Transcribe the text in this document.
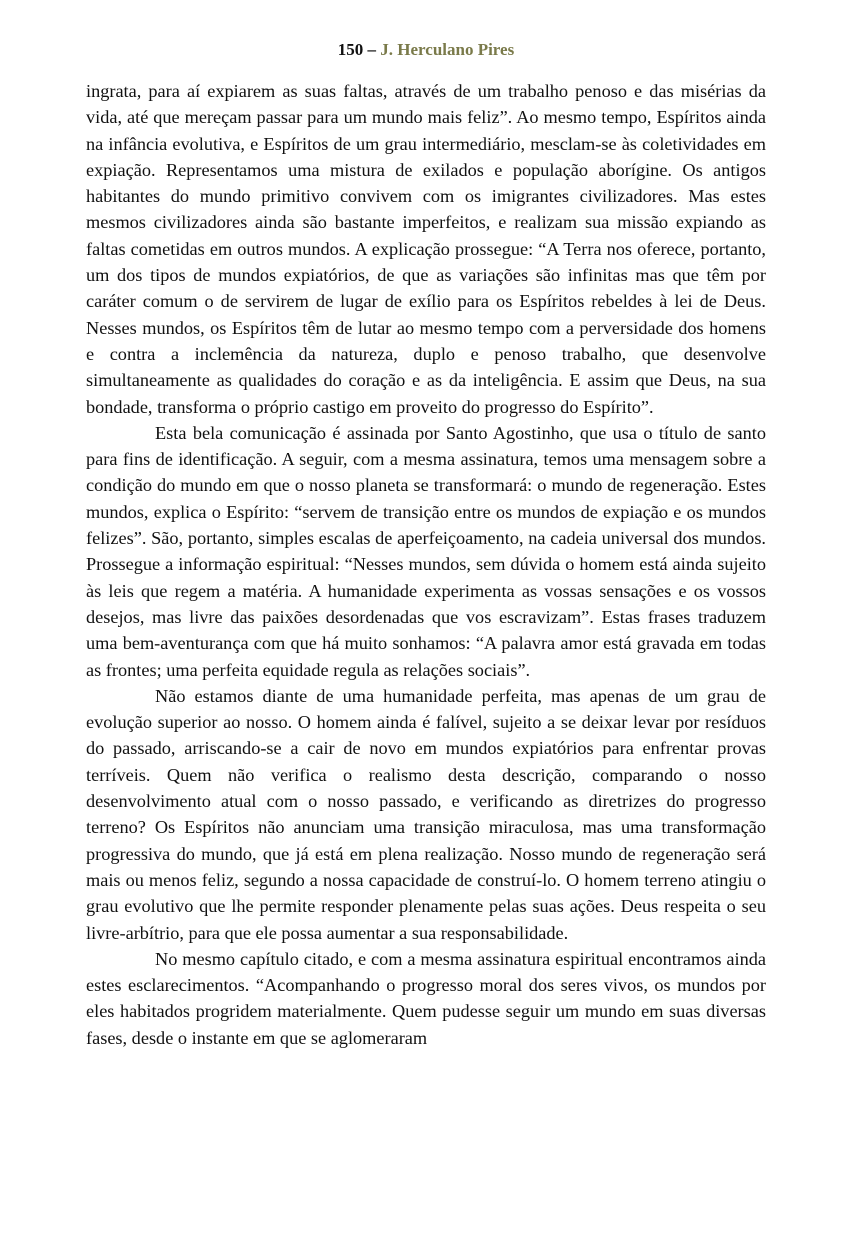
150 – J. Herculano Pires

ingrata, para aí expiarem as suas faltas, através de um trabalho penoso e das misérias da vida, até que mereçam passar para um mundo mais feliz”. Ao mesmo tempo, Espíritos ainda na infância evolutiva, e Espíritos de um grau intermediário, mesclam-se às coletividades em expiação. Representamos uma mistura de exilados e população aborígine. Os antigos habitantes do mundo primitivo convivem com os imigrantes civilizadores. Mas estes mesmos civilizadores ainda são bastante imperfeitos, e realizam sua missão expiando as faltas cometidas em outros mundos. A explicação prossegue: “A Terra nos oferece, portanto, um dos tipos de mundos expiatórios, de que as variações são infinitas mas que têm por caráter comum o de servirem de lugar de exílio para os Espíritos rebeldes à lei de Deus. Nesses mundos, os Espíritos têm de lutar ao mesmo tempo com a perversidade dos homens e contra a inclemência da natureza, duplo e penoso trabalho, que desenvolve simultaneamente as qualidades do coração e as da inteligência. E assim que Deus, na sua bondade, transforma o próprio castigo em proveito do progresso do Espírito”.

Esta bela comunicação é assinada por Santo Agostinho, que usa o título de santo para fins de identificação. A seguir, com a mesma assinatura, temos uma mensagem sobre a condição do mundo em que o nosso planeta se transformará: o mundo de regeneração. Estes mundos, explica o Espírito: “servem de transição entre os mundos de expiação e os mundos felizes”. São, portanto, simples escalas de aperfeiçoamento, na cadeia universal dos mundos. Prossegue a informação espiritual: “Nesses mundos, sem dúvida o homem está ainda sujeito às leis que regem a matéria. A humanidade experimenta as vossas sensações e os vossos desejos, mas livre das paixões desordenadas que vos escravizam”. Estas frases traduzem uma bem-aventurança com que há muito sonhamos: “A palavra amor está gravada em todas as frontes; uma perfeita equidade regula as relações sociais”.

Não estamos diante de uma humanidade perfeita, mas apenas de um grau de evolução superior ao nosso. O homem ainda é falível, sujeito a se deixar levar por resíduos do passado, arriscando-se a cair de novo em mundos expiatórios para enfrentar provas terríveis. Quem não verifica o realismo desta descrição, comparando o nosso desenvolvimento atual com o nosso passado, e verificando as diretrizes do progresso terreno? Os Espíritos não anunciam uma transição miraculosa, mas uma transformação progressiva do mundo, que já está em plena realização. Nosso mundo de regeneração será mais ou menos feliz, segundo a nossa capacidade de construí-lo. O homem terreno atingiu o grau evolutivo que lhe permite responder plenamente pelas suas ações. Deus respeita o seu livre-arbítrio, para que ele possa aumentar a sua responsabilidade.

No mesmo capítulo citado, e com a mesma assinatura espiritual encontramos ainda estes esclarecimentos. “Acompanhando o progresso moral dos seres vivos, os mundos por eles habitados progridem materialmente. Quem pudesse seguir um mundo em suas diversas fases, desde o instante em que se aglomeraram
